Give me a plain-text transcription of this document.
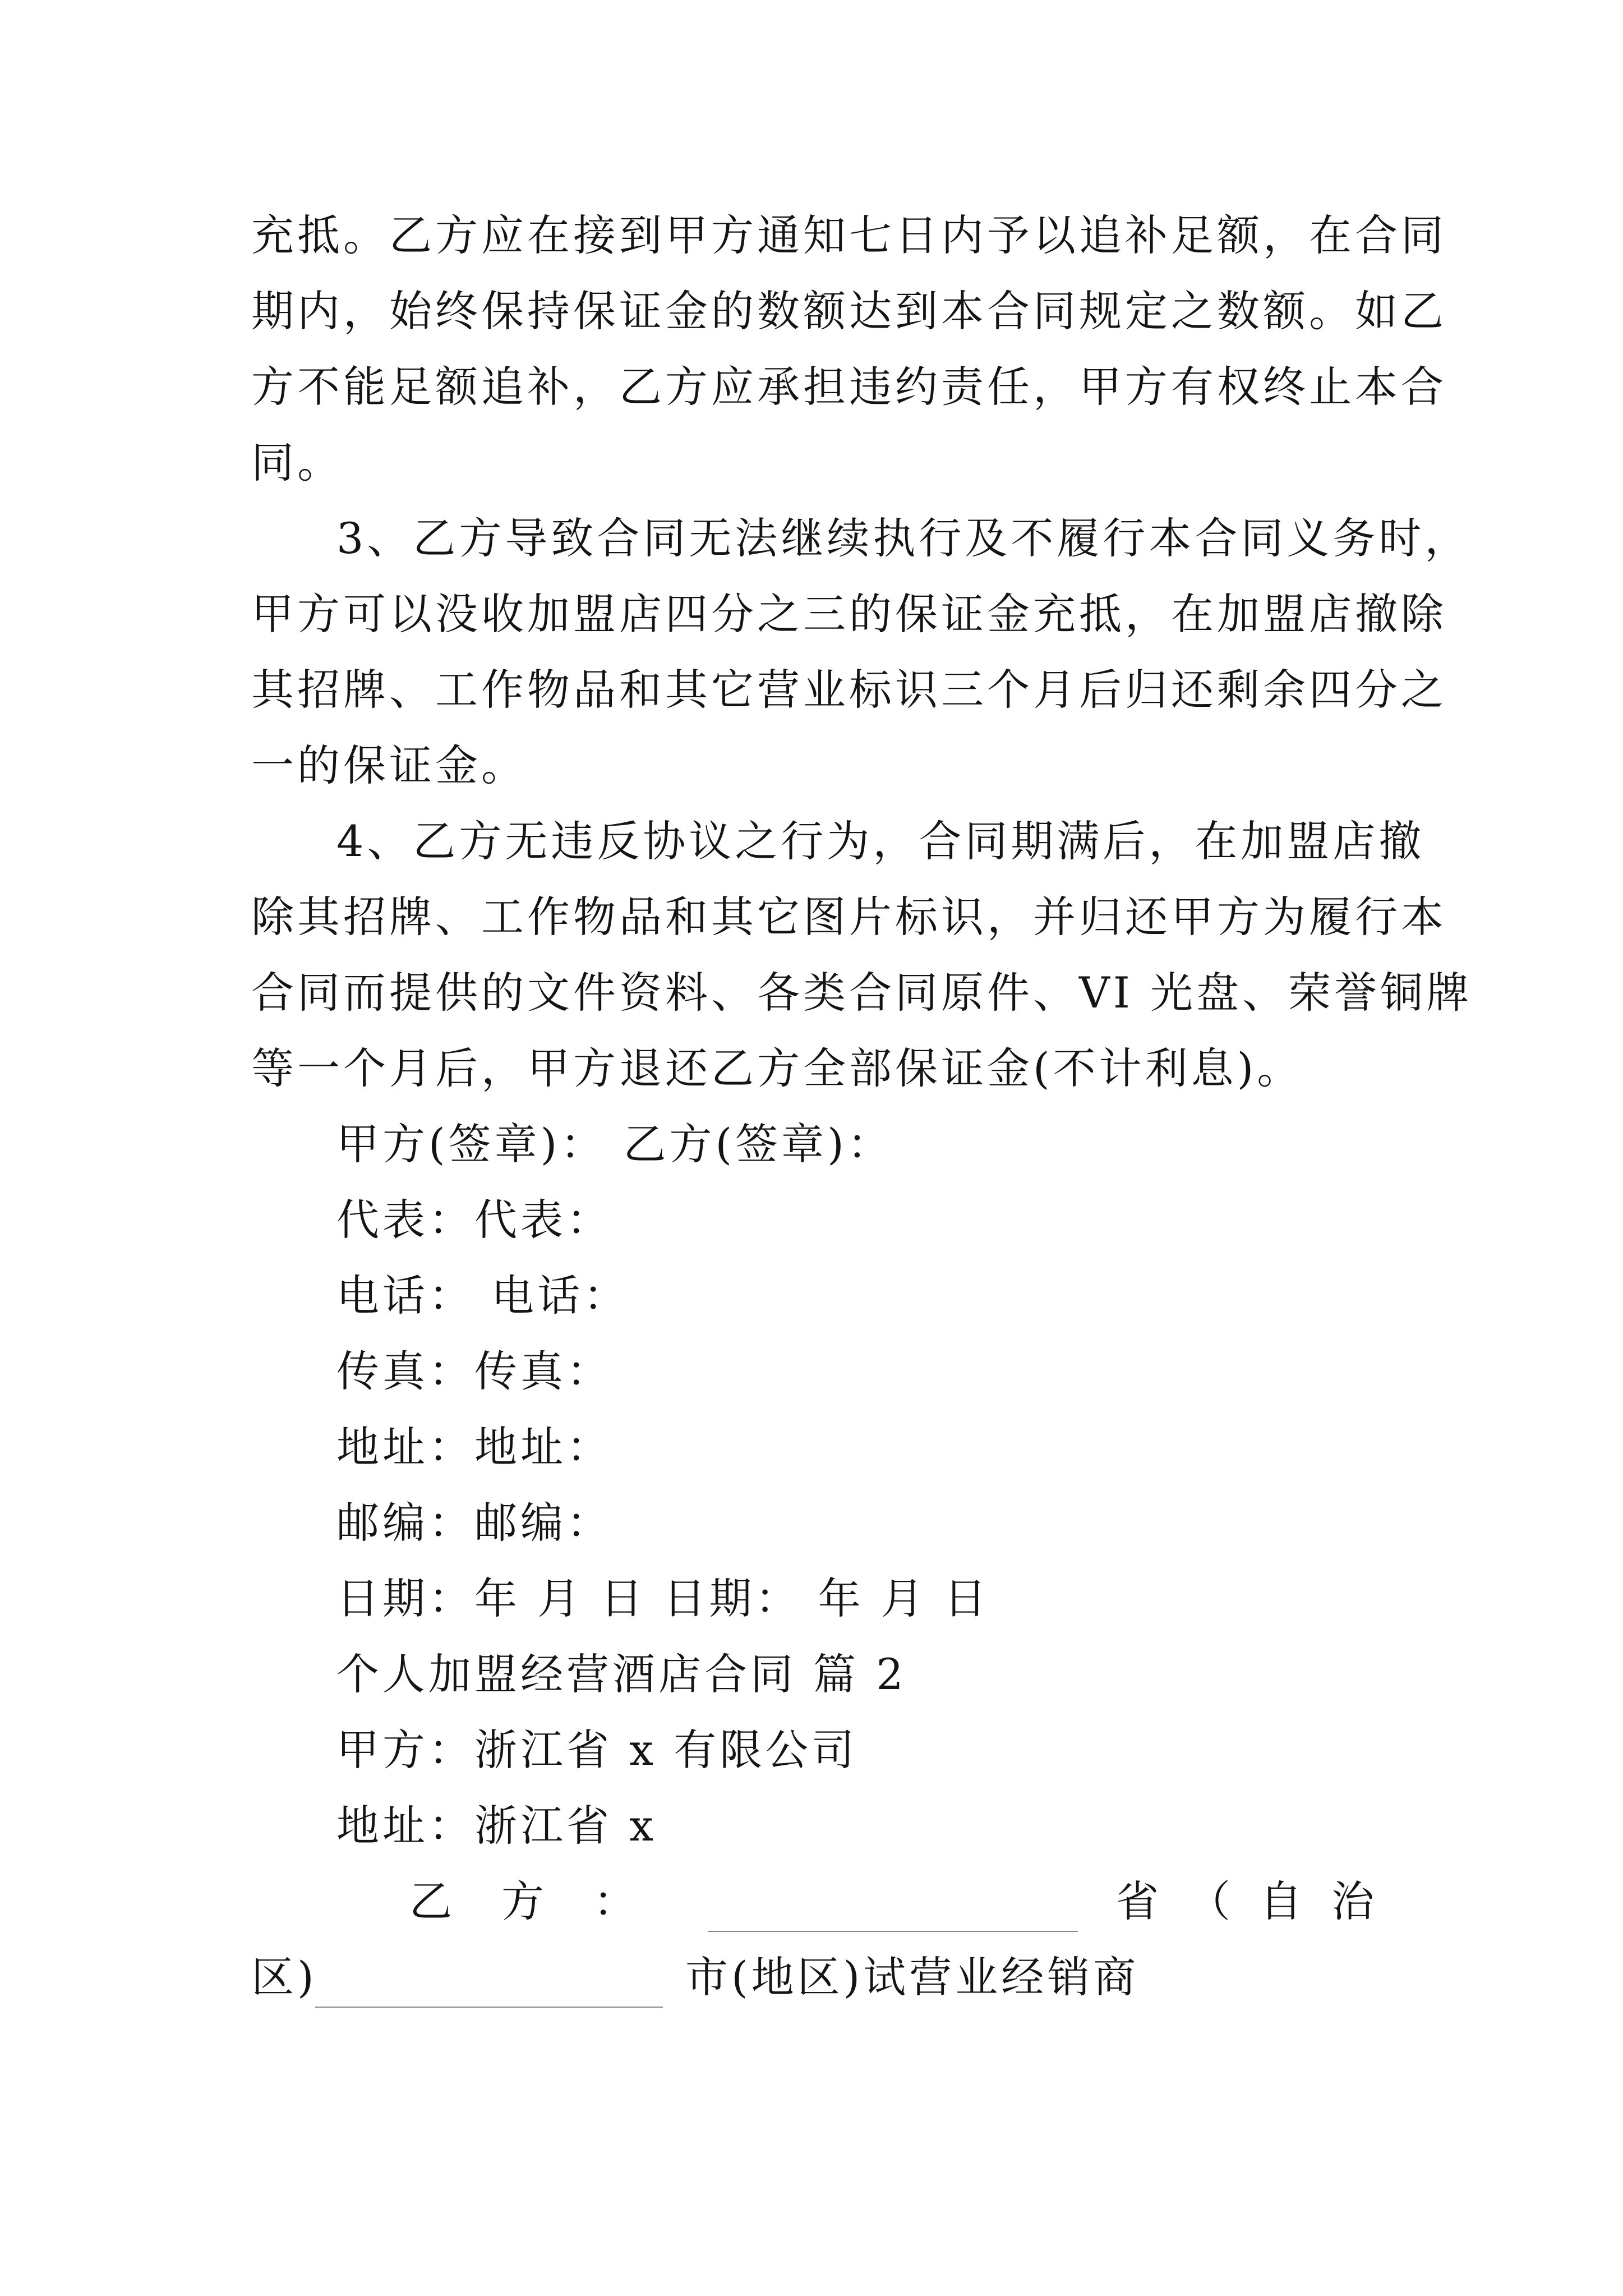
充抵。乙方应在接到甲方通知七日内予以追补足额，在合同
期内，始终保持保证金的数额达到本合同规定之数额。如乙
方不能足额追补，乙方应承担违约责任，甲方有权终止本合
同。
3、乙方导致合同无法继续执行及不履行本合同义务时，
甲方可以没收加盟店四分之三的保证金充抵，在加盟店撤除
其招牌、工作物品和其它营业标识三个月后归还剩余四分之
一的保证金。
4、乙方无违反协议之行为，合同期满后，在加盟店撤
除其招牌、工作物品和其它图片标识，并归还甲方为履行本
合同而提供的文件资料、各类合同原件、VI 光盘、荣誉铜牌
等一个月后，甲方退还乙方全部保证金(不计利息)。
甲方(签章)： 乙方(签章)：
代表：代表：
电话： 电话：
传真：传真：
地址：地址：
邮编：邮编：
日期：年 月 日 日期： 年 月 日
个人加盟经营酒店合同 篇 2
甲方：浙江省 x 有限公司
地址：浙江省 x
乙　方　：	省（自治
区)	市(地区)试营业经销商
